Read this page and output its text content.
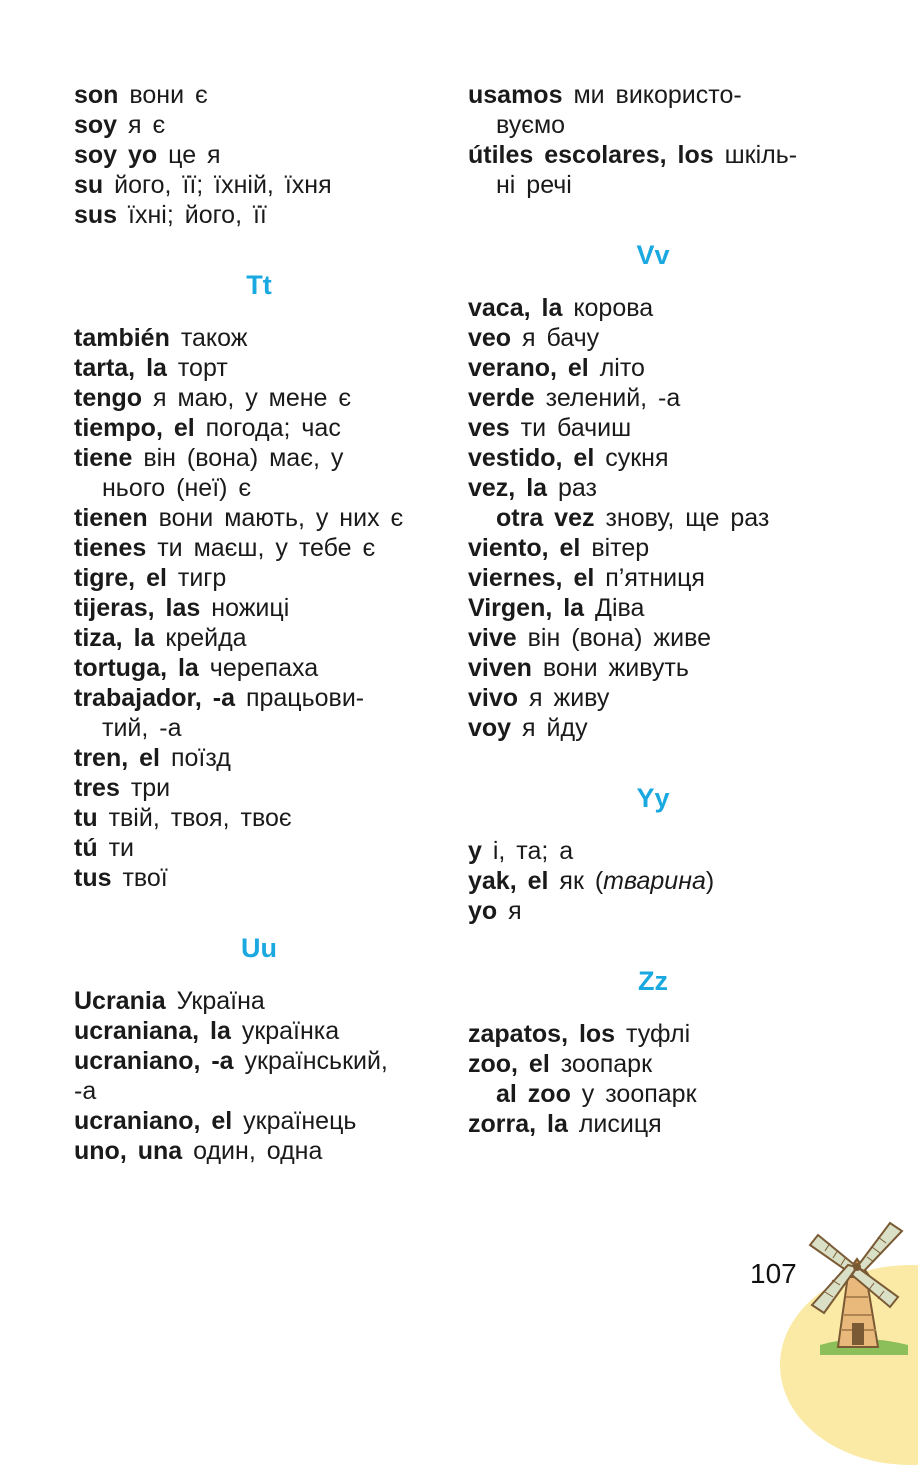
son вони є
soy я є
soy yo це я
su його, її; їхній, їхня
sus їхні; його, її
Tt
también також
tarta, la торт
tengo я маю, у мене є
tiempo, el погода; час
tiene він (вона) має, у
нього (неї) є
tienen вони мають, у них є
tienes ти маєш, у тебе є
tigre, el тигр
tijeras, las ножиці
tiza, la крейда
tortuga, la черепаха
trabajador, -a працьови-
тий, -а
tren, el поїзд
tres три
tu твій, твоя, твоє
tú ти
tus твої
Uu
Ucrania Україна
ucraniana, la українка
ucraniano, -a український,
-а
ucraniano, el українець
uno, una один, одна
usamos ми використо-
вуємо
útiles escolares, los шкіль-
ні речі
Vv
vaca, la корова
veo я бачу
verano, el літо
verde зелений, -а
ves ти бачиш
vestido, el сукня
vez, la раз
otra vez знову, ще раз
viento, el вітер
viernes, el п’ятниця
Virgen, la Діва
vive він (вона) живе
viven вони живуть
vivo я живу
voy я йду
Yy
y і, та; а
yak, el як (тварина)
yo я
Zz
zapatos, los туфлі
zoo, el зоопарк
al zoo у зоопарк
zorra, la лисиця
107
